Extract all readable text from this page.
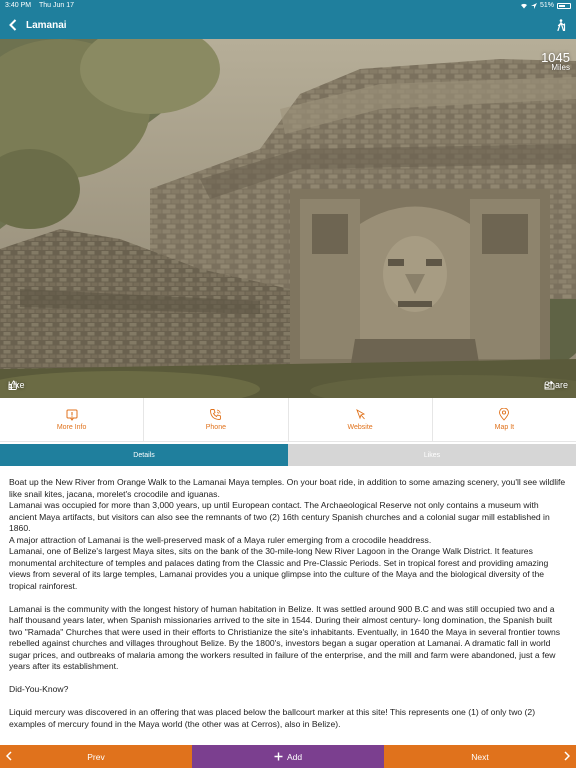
3:40 PM	Thu Jun 17	51%
Lamanai
1045
Miles
Like	Share
More Info	Phone	Website	Map It
Details	Likes

Boat up the New River from Orange Walk to the Lamanai Maya temples. On your boat ride, in addition to some amazing scenery, you'll see wildlife like snail kites, jacana, morelet's crocodile and iguanas.

Lamanai was occupied for more than 3,000 years, up until European contact. The Archaeological Reserve not only contains a museum with ancient Maya artifacts, but visitors can also see the remnants of two (2) 16th century Spanish churches and a colonial sugar mill established in 1860.

A major attraction of Lamanai is the well-preserved mask of a Maya ruler emerging from a crocodile headdress.

Lamanai, one of Belize's largest Maya sites, sits on the bank of the 30-mile-long New River Lagoon in the Orange Walk District. It features monumental architecture of temples and palaces dating from the Classic and Pre-Classic Periods. Set in tropical forest and providing amazing views from several of its large temples, Lamanai provides you a unique glimpse into the culture of the Maya and the biological diversity of the tropical rainforest.

Lamanai is the community with the longest history of human habitation in Belize. It was settled around 900 B.C and was still occupied two and a half thousand years later, when Spanish missionaries arrived to the site in 1544. During their almost century- long domination, the Spanish built two "Ramada" Churches that were used in their efforts to Christianize the site's inhabitants. Eventually, in 1640 the Maya in several frontier towns rebelled against churches and villages throughout Belize. By the 1800's, investors began a sugar operation at Lamanai. A dramatic fall in world sugar prices, and outbreaks of malaria among the workers resulted in failure of the enterprise, and the mill and farm were abandoned, just a few years after its establishment.

Did-You-Know?

Liquid mercury was discovered in an offering that was placed below the ballcourt marker at this site! This represents one (1) of only two (2) examples of mercury found in the Maya world (the other was at Cerros), also in Belize).

Prev	Add	Next
